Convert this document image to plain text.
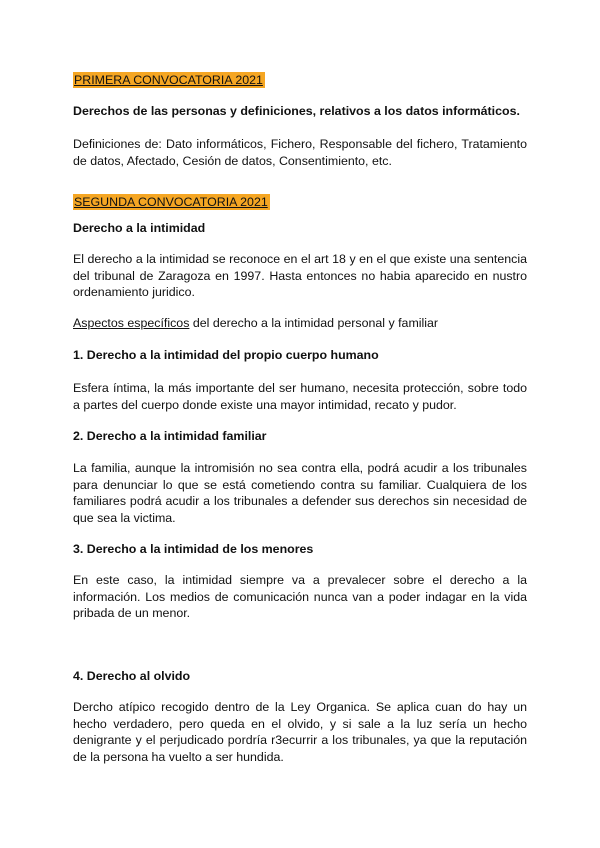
PRIMERA CONVOCATORIA 2021

Derechos de las personas y definiciones, relativos a los datos informáticos.

Definiciones de: Dato informáticos, Fichero, Responsable del fichero, Tratamiento de datos, Afectado, Cesión de datos, Consentimiento, etc.

SEGUNDA CONVOCATORIA 2021

Derecho a la intimidad

El derecho a la intimidad se reconoce en el art 18 y en el que existe una sentencia del tribunal de Zaragoza en 1997. Hasta entonces no habia aparecido en nustro ordenamiento juridico.

Aspectos específicos del derecho a la intimidad personal y familiar

1. Derecho a la intimidad del propio cuerpo humano

Esfera íntima, la más importante del ser humano, necesita protección, sobre todo a partes del cuerpo donde existe una mayor intimidad, recato y pudor.

2. Derecho a la intimidad familiar

La familia, aunque la intromisión no sea contra ella, podrá acudir a los tribunales para denunciar lo que se está cometiendo contra su familiar. Cualquiera de los familiares podrá acudir a los tribunales a defender sus derechos sin necesidad de que sea la victima.

3. Derecho a la intimidad de los menores

En este caso, la intimidad siempre va a prevalecer sobre el derecho a la información. Los medios de comunicación nunca van a poder indagar en la vida pribada de un menor.

4. Derecho al olvido

Dercho atípico recogido dentro de la Ley Organica. Se aplica cuan do hay un hecho verdadero, pero queda en el olvido, y si sale a la luz sería un hecho denigrante y el perjudicado pordría r3ecurrir a los tribunales, ya que la reputación de la persona ha vuelto a ser hundida.
